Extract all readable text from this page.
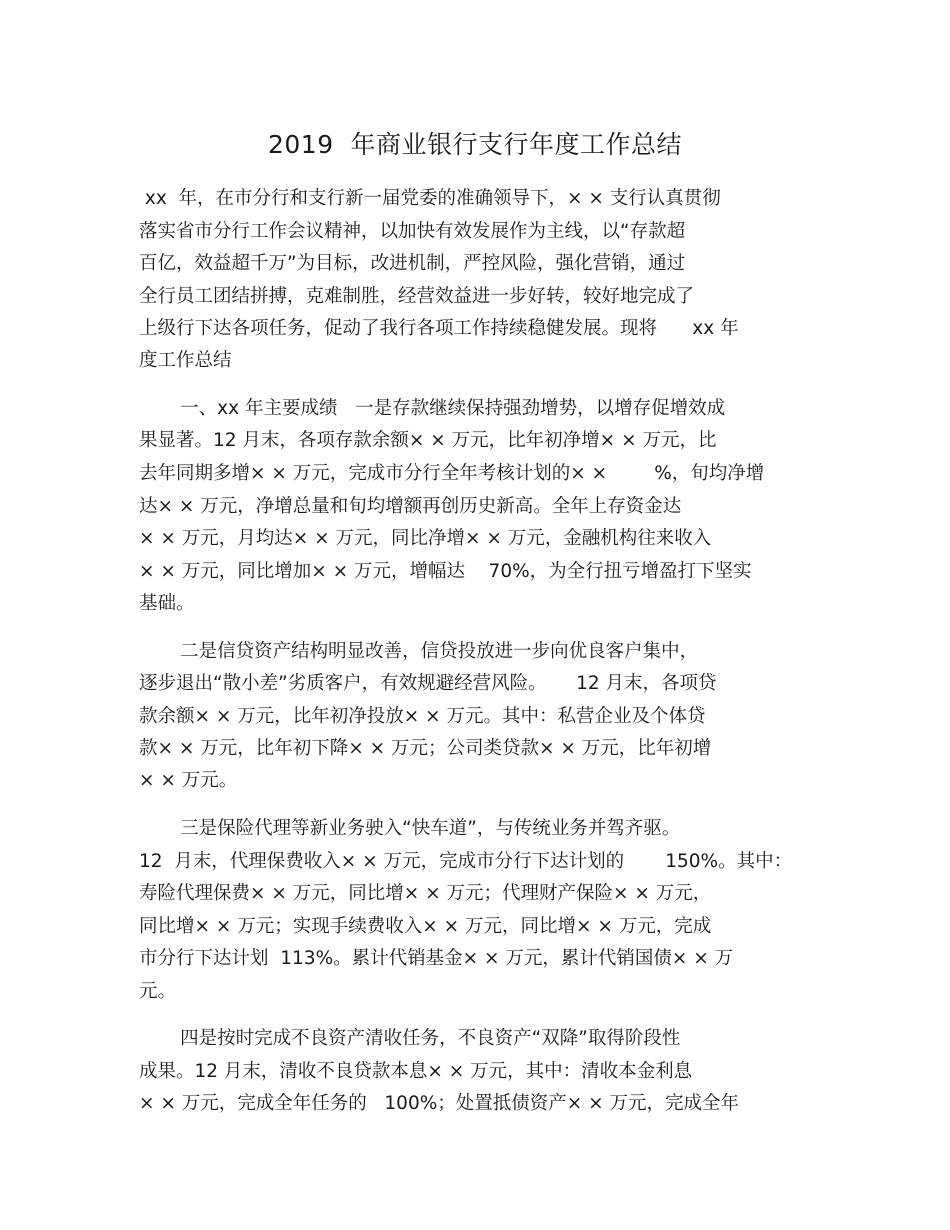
2019  年商业银行支行年度工作总结
xx  年，在市分行和支行新一届党委的准确领导下，× × 支行认真贯彻
落实省市分行工作会议精神，以加快有效发展作为主线，以“存款超
百亿，效益超千万”为目标，改进机制，严控风险，强化营销，通过
全行员工团结拼搏，克难制胜，经营效益进一步好转，较好地完成了
上级行下达各项任务，促动了我行各项工作持续稳健发展。现将      xx 年
度工作总结
一、xx 年主要成绩   一是存款继续保持强劲增势，以增存促增效成
果显著。12 月末，各项存款余额× × 万元，比年初净增× × 万元，比
去年同期多增× × 万元，完成市分行全年考核计划的× ×        %，旬均净增
达× × 万元，净增总量和旬均增额再创历史新高。全年上存资金达
× × 万元，月均达× × 万元，同比净增× × 万元，金融机构往来收入
× × 万元，同比增加× × 万元，增幅达    70%，为全行扭亏增盈打下坚实
基础。
二是信贷资产结构明显改善，信贷投放进一步向优良客户集中，
逐步退出“散小差”劣质客户，有效规避经营风险。     12 月末，各项贷
款余额× × 万元，比年初净投放× × 万元。其中：私营企业及个体贷
款× × 万元，比年初下降× × 万元；公司类贷款× × 万元，比年初增
× × 万元。
三是保险代理等新业务驶入“快车道”，与传统业务并驾齐驱。
12  月末，代理保费收入× × 万元，完成市分行下达计划的       150%。其中：
寿险代理保费× × 万元，同比增× × 万元；代理财产保险× × 万元，
同比增× × 万元；实现手续费收入× × 万元，同比增× × 万元，完成
市分行下达计划  113%。累计代销基金× × 万元，累计代销国债× × 万
元。
四是按时完成不良资产清收任务，不良资产“双降”取得阶段性
成果。12 月末，清收不良贷款本息× × 万元，其中：清收本金利息
× × 万元，完成全年任务的   100%；处置抵债资产× × 万元，完成全年
